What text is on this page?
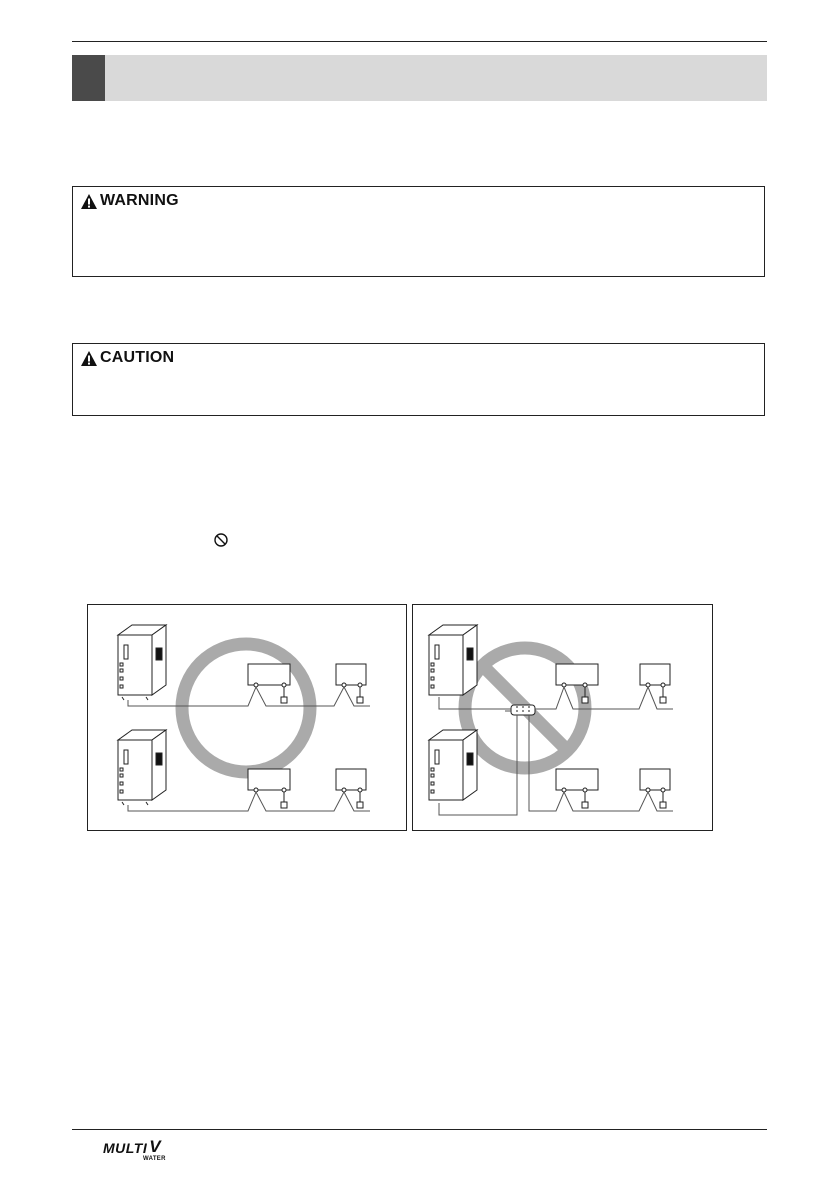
WARNING
CAUTION
MULTI V
WATER
